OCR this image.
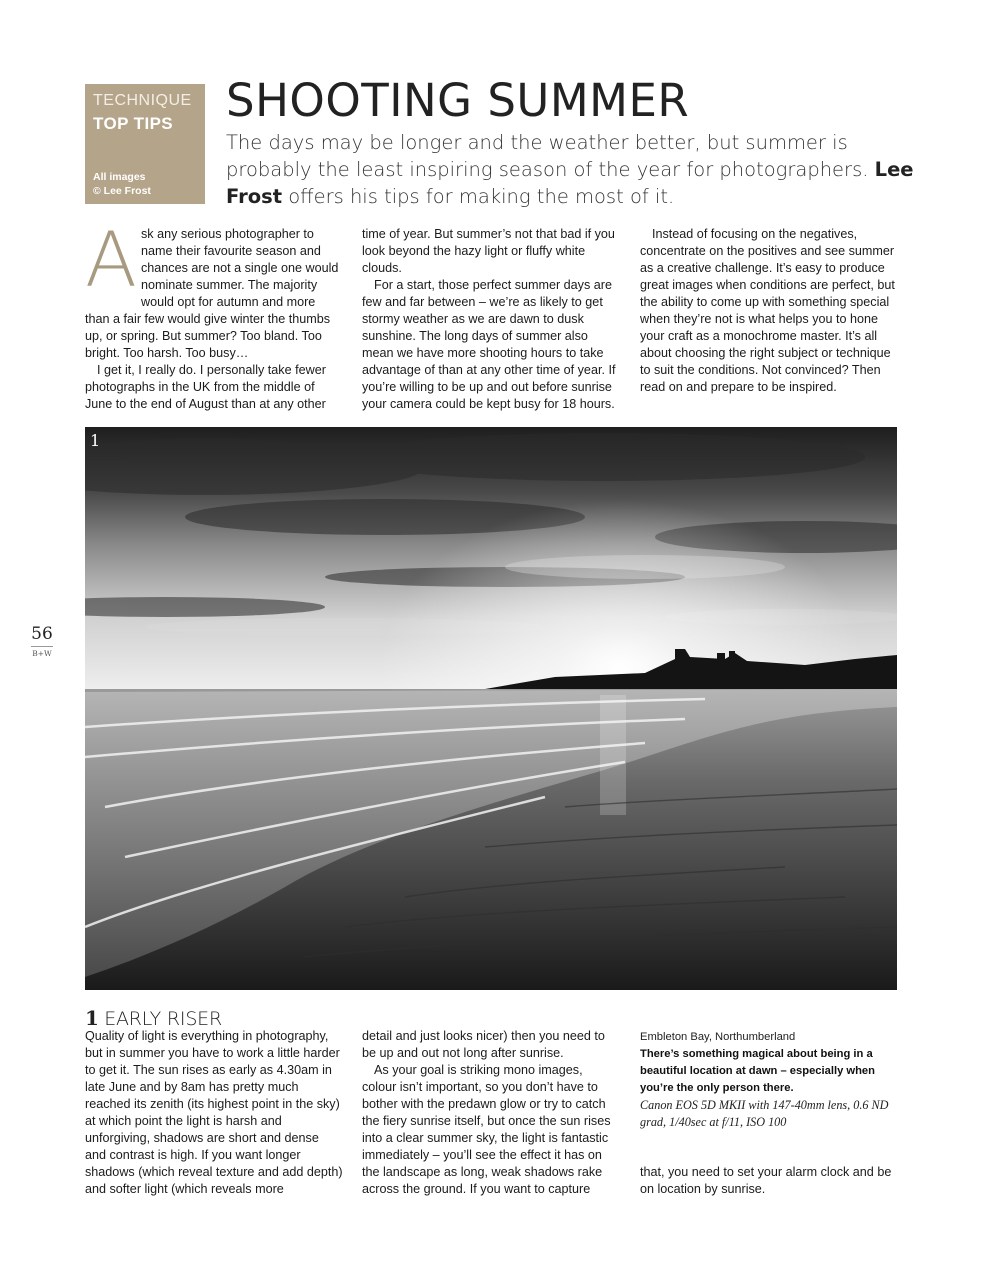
TECHNIQUE
TOP TIPS
All images
© Lee Frost
SHOOTING SUMMER

The days may be longer and the weather better, but summer is probably the least inspiring season of the year for photographers. Lee Frost offers his tips for making the most of it.

A sk any serious photographer to name their favourite season and chances are not a single one would nominate summer. The majority would opt for autumn and more than a fair few would give winter the thumbs up, or spring. But summer? Too bland. Too bright. Too harsh. Too busy…

I get it, I really do. I personally take fewer photographs in the UK from the middle of June to the end of August than at any other

time of year. But summer’s not that bad if you look beyond the hazy light or fluffy white clouds.

For a start, those perfect summer days are few and far between – we’re as likely to get stormy weather as we are dawn to dusk sunshine. The long days of summer also mean we have more shooting hours to take advantage of than at any other time of year. If you’re willing to be up and out before sunrise your camera could be kept busy for 18 hours.

Instead of focusing on the negatives, concentrate on the positives and see summer as a creative challenge. It’s easy to produce great images when conditions are perfect, but the ability to come up with something special when they’re not is what helps you to hone your craft as a monochrome master. It’s all about choosing the right subject or technique to suit the conditions. Not convinced? Then read on and prepare to be inspired.

1
56
B+W
1 EARLY RISER

Quality of light is everything in photography, but in summer you have to work a little harder to get it. The sun rises as early as 4.30am in late June and by 8am has pretty much reached its zenith (its highest point in the sky) at which point the light is harsh and unforgiving, shadows are short and dense and contrast is high. If you want longer shadows (which reveal texture and add depth) and softer light (which reveals more

detail and just looks nicer) then you need to be up and out not long after sunrise.

As your goal is striking mono images, colour isn’t important, so you don’t have to bother with the predawn glow or try to catch the fiery sunrise itself, but once the sun rises into a clear summer sky, the light is fantastic immediately – you’ll see the effect it has on the landscape as long, weak shadows rake across the ground. If you want to capture

Embleton Bay, Northumberland
There’s something magical about being in a beautiful location at dawn – especially when you’re the only person there.
Canon EOS 5D MKII with 147-40mm lens, 0.6 ND grad, 1/40sec at f/11, ISO 100

that, you need to set your alarm clock and be on location by sunrise.
